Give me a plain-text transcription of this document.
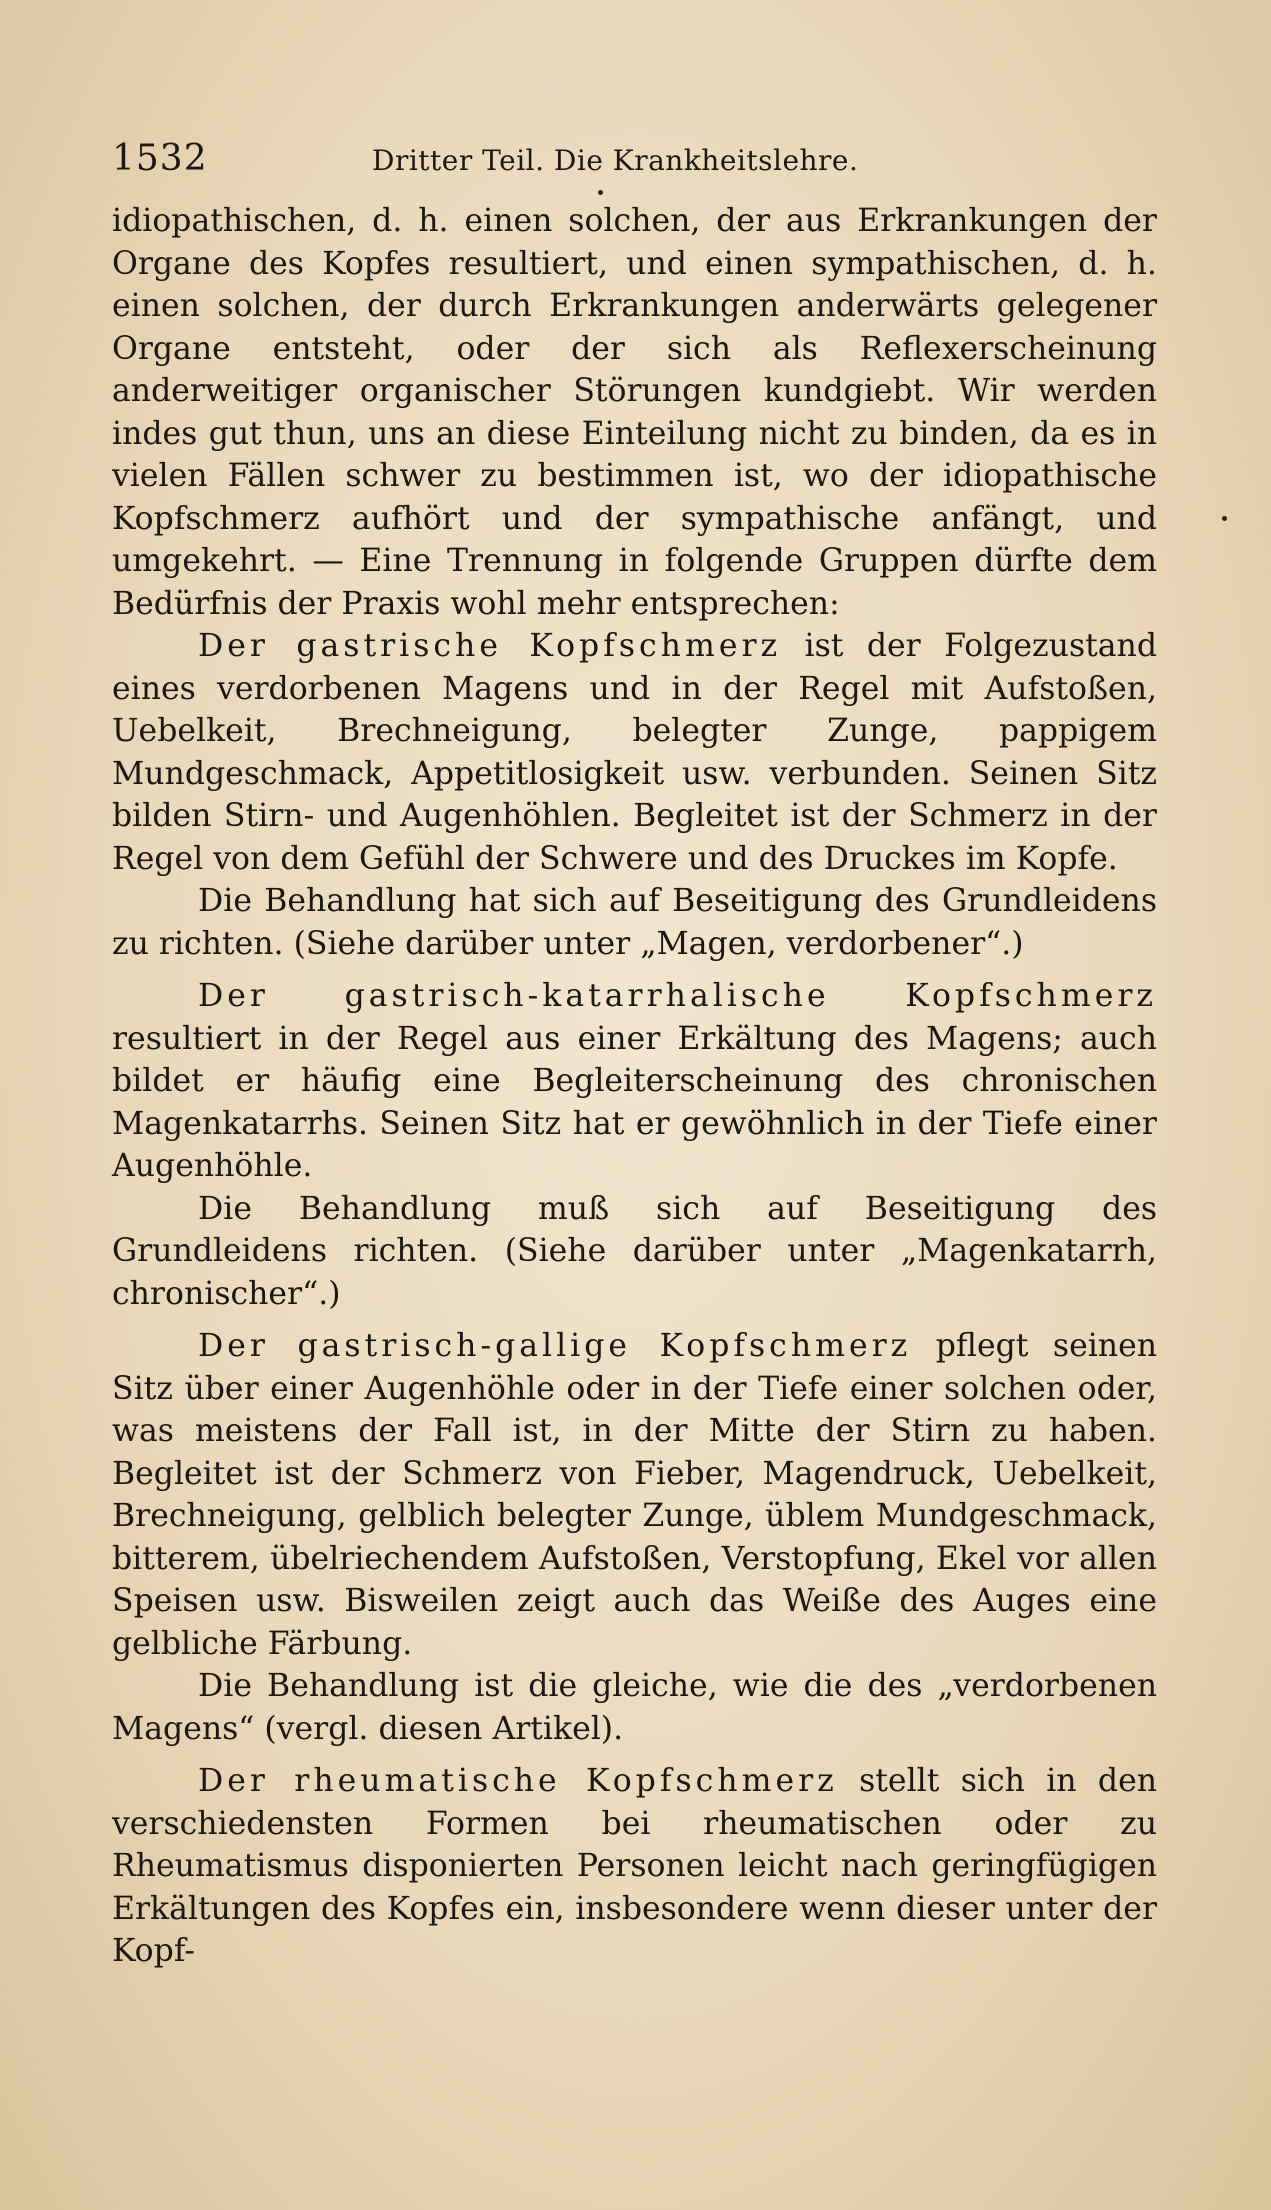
1532	Dritter Teil. Die Krankheitslehre.

idiopathischen, d. h. einen solchen, der aus Erkrankungen der Organe des Kopfes resultiert, und einen sympathischen, d. h. einen solchen, der durch Erkrankungen anderwärts gelegener Organe entsteht, oder der sich als Reflexerscheinung anderweitiger organischer Störungen kundgiebt. Wir werden indes gut thun, uns an diese Einteilung nicht zu binden, da es in vielen Fällen schwer zu bestimmen ist, wo der idiopathische Kopfschmerz aufhört und der sympathische anfängt, und umgekehrt. — Eine Trennung in folgende Gruppen dürfte dem Bedürfnis der Praxis wohl mehr entsprechen:

Der gastrische Kopfschmerz ist der Folgezustand eines verdorbenen Magens und in der Regel mit Aufstoßen, Uebelkeit, Brechneigung, belegter Zunge, pappigem Mundgeschmack, Appetitlosigkeit usw. verbunden. Seinen Sitz bilden Stirn- und Augenhöhlen. Begleitet ist der Schmerz in der Regel von dem Gefühl der Schwere und des Druckes im Kopfe.

Die Behandlung hat sich auf Beseitigung des Grundleidens zu richten. (Siehe darüber unter „Magen, verdorbener“.)

Der gastrisch-katarrhalische Kopfschmerz resultiert in der Regel aus einer Erkältung des Magens; auch bildet er häufig eine Begleiterscheinung des chronischen Magenkatarrhs. Seinen Sitz hat er gewöhnlich in der Tiefe einer Augenhöhle.

Die Behandlung muß sich auf Beseitigung des Grundleidens richten. (Siehe darüber unter „Magenkatarrh, chronischer“.)

Der gastrisch-gallige Kopfschmerz pflegt seinen Sitz über einer Augenhöhle oder in der Tiefe einer solchen oder, was meistens der Fall ist, in der Mitte der Stirn zu haben. Begleitet ist der Schmerz von Fieber, Magendruck, Uebelkeit, Brechneigung, gelblich belegter Zunge, üblem Mundgeschmack, bitterem, übelriechendem Aufstoßen, Verstopfung, Ekel vor allen Speisen usw. Bisweilen zeigt auch das Weiße des Auges eine gelbliche Färbung.

Die Behandlung ist die gleiche, wie die des „verdorbenen Magens“ (vergl. diesen Artikel).

Der rheumatische Kopfschmerz stellt sich in den verschiedensten Formen bei rheumatischen oder zu Rheumatismus disponierten Personen leicht nach geringfügigen Erkältungen des Kopfes ein, insbesondere wenn dieser unter der Kopf-
